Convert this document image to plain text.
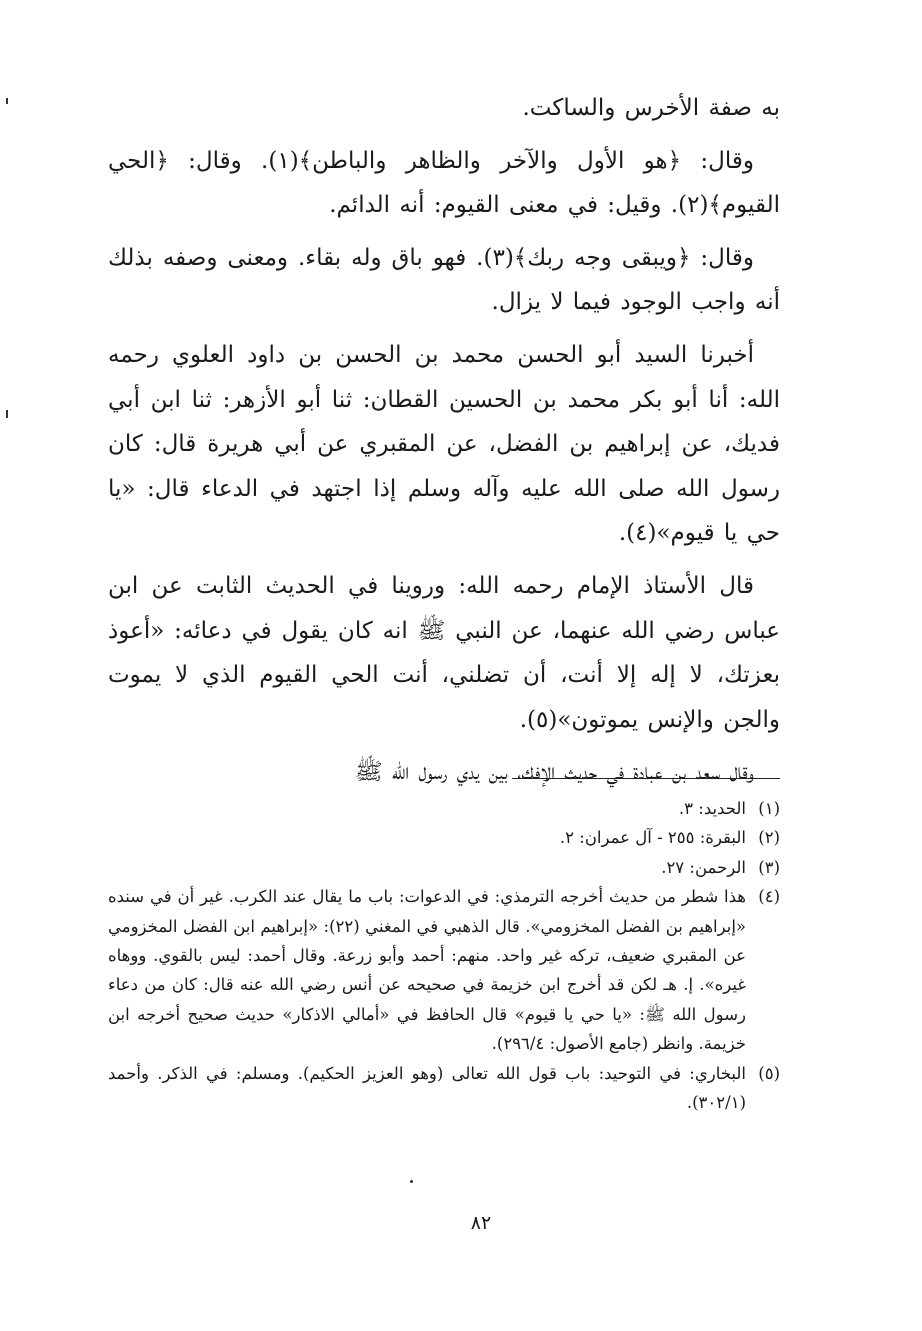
به صفة الأخرس والساكت.

وقال: ﴿هو الأول والآخر والظاهر والباطن﴾(١). وقال: ﴿الحي القيوم﴾(٢). وقيل: في معنى القيوم: أنه الدائم.

وقال: ﴿ويبقى وجه ربك﴾(٣). فهو باق وله بقاء. ومعنى وصفه بذلك أنه واجب الوجود فيما لا يزال.

أخبرنا السيد أبو الحسن محمد بن الحسن بن داود العلوي رحمه الله: أنا أبو بكر محمد بن الحسين القطان: ثنا أبو الأزهر: ثنا ابن أبي فديك، عن إبراهيم بن الفضل، عن المقبري عن أبي هريرة قال: كان رسول الله صلى الله عليه وآله وسلم إذا اجتهد في الدعاء قال: «يا حي يا قيوم»(٤).

قال الأستاذ الإمام رحمه الله: وروينا في الحديث الثابت عن ابن عباس رضي الله عنهما، عن النبي ﷺ انه كان يقول في دعائه: «أعوذ بعزتك، لا إله إلا أنت، أن تضلني، أنت الحي القيوم الذي لا يموت والجن والإنس يموتون»(٥).

وقال سعد بن عبادة في حديث الإفك، بين يدي رسول الله ﷺ

(١)
الحديد: ٣.
(٢)
البقرة: ٢٥٥ - آل عمران: ٢.
(٣)
الرحمن: ٢٧.
(٤)
هذا شطر من حديث أخرجه الترمذي: في الدعوات: باب ما يقال عند الكرب. غير أن في سنده «إبراهيم بن الفضل المخزومي». قال الذهبي في المغني (٢٢): «إبراهيم ابن الفضل المخزومي عن المقبري ضعيف، تركه غير واحد. منهم: أحمد وأبو زرعة. وقال أحمد: ليس بالقوي. ووهاه غيره». إ. هـ لكن قد أخرج ابن خزيمة في صحيحه عن أنس رضي الله عنه قال: كان من دعاء رسول الله ﷺ: «يا حي يا قيوم» قال الحافظ في «أمالي الاذكار» حديث صحيح أخرجه ابن خزيمة. وانظر (جامع الأصول: ٢٩٦/٤).
(٥)
البخاري: في التوحيد: باب قول الله تعالى (وهو العزيز الحكيم). ومسلم: في الذكر. وأحمد (٣٠٢/١).
٨٢
